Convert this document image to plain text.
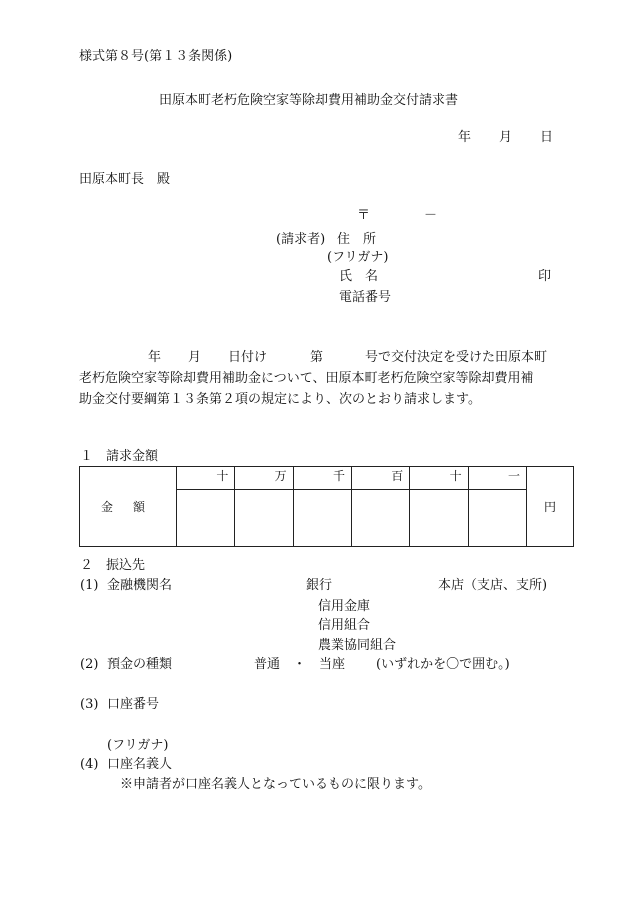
様式第８号(第１３条関係)
田原本町老朽危険空家等除却費用補助金交付請求書
年 月 日
田原本町長　殿
〒	－
(請求者) 住　所
(フリガナ)
氏　名	印
電話番号
年 月 日付け	第	号で交付決定を受けた田原本町
老朽危険空家等除却費用補助金について、田原本町老朽危険空家等除却費用補
助金交付要綱第１３条第２項の規定により、次のとおり請求します。
１　請求金額
金額	十	万	千	百	十	一	円

２　振込先
(1) 金融機関名	銀行	本店（支店、支所)
信用金庫
信用組合
農業協同組合
(2) 預金の種類	普通 ・ 当座 (いずれかを〇で囲む。)
(3) 口座番号
(フリガナ)
(4) 口座名義人
※申請者が口座名義人となっているものに限ります。
